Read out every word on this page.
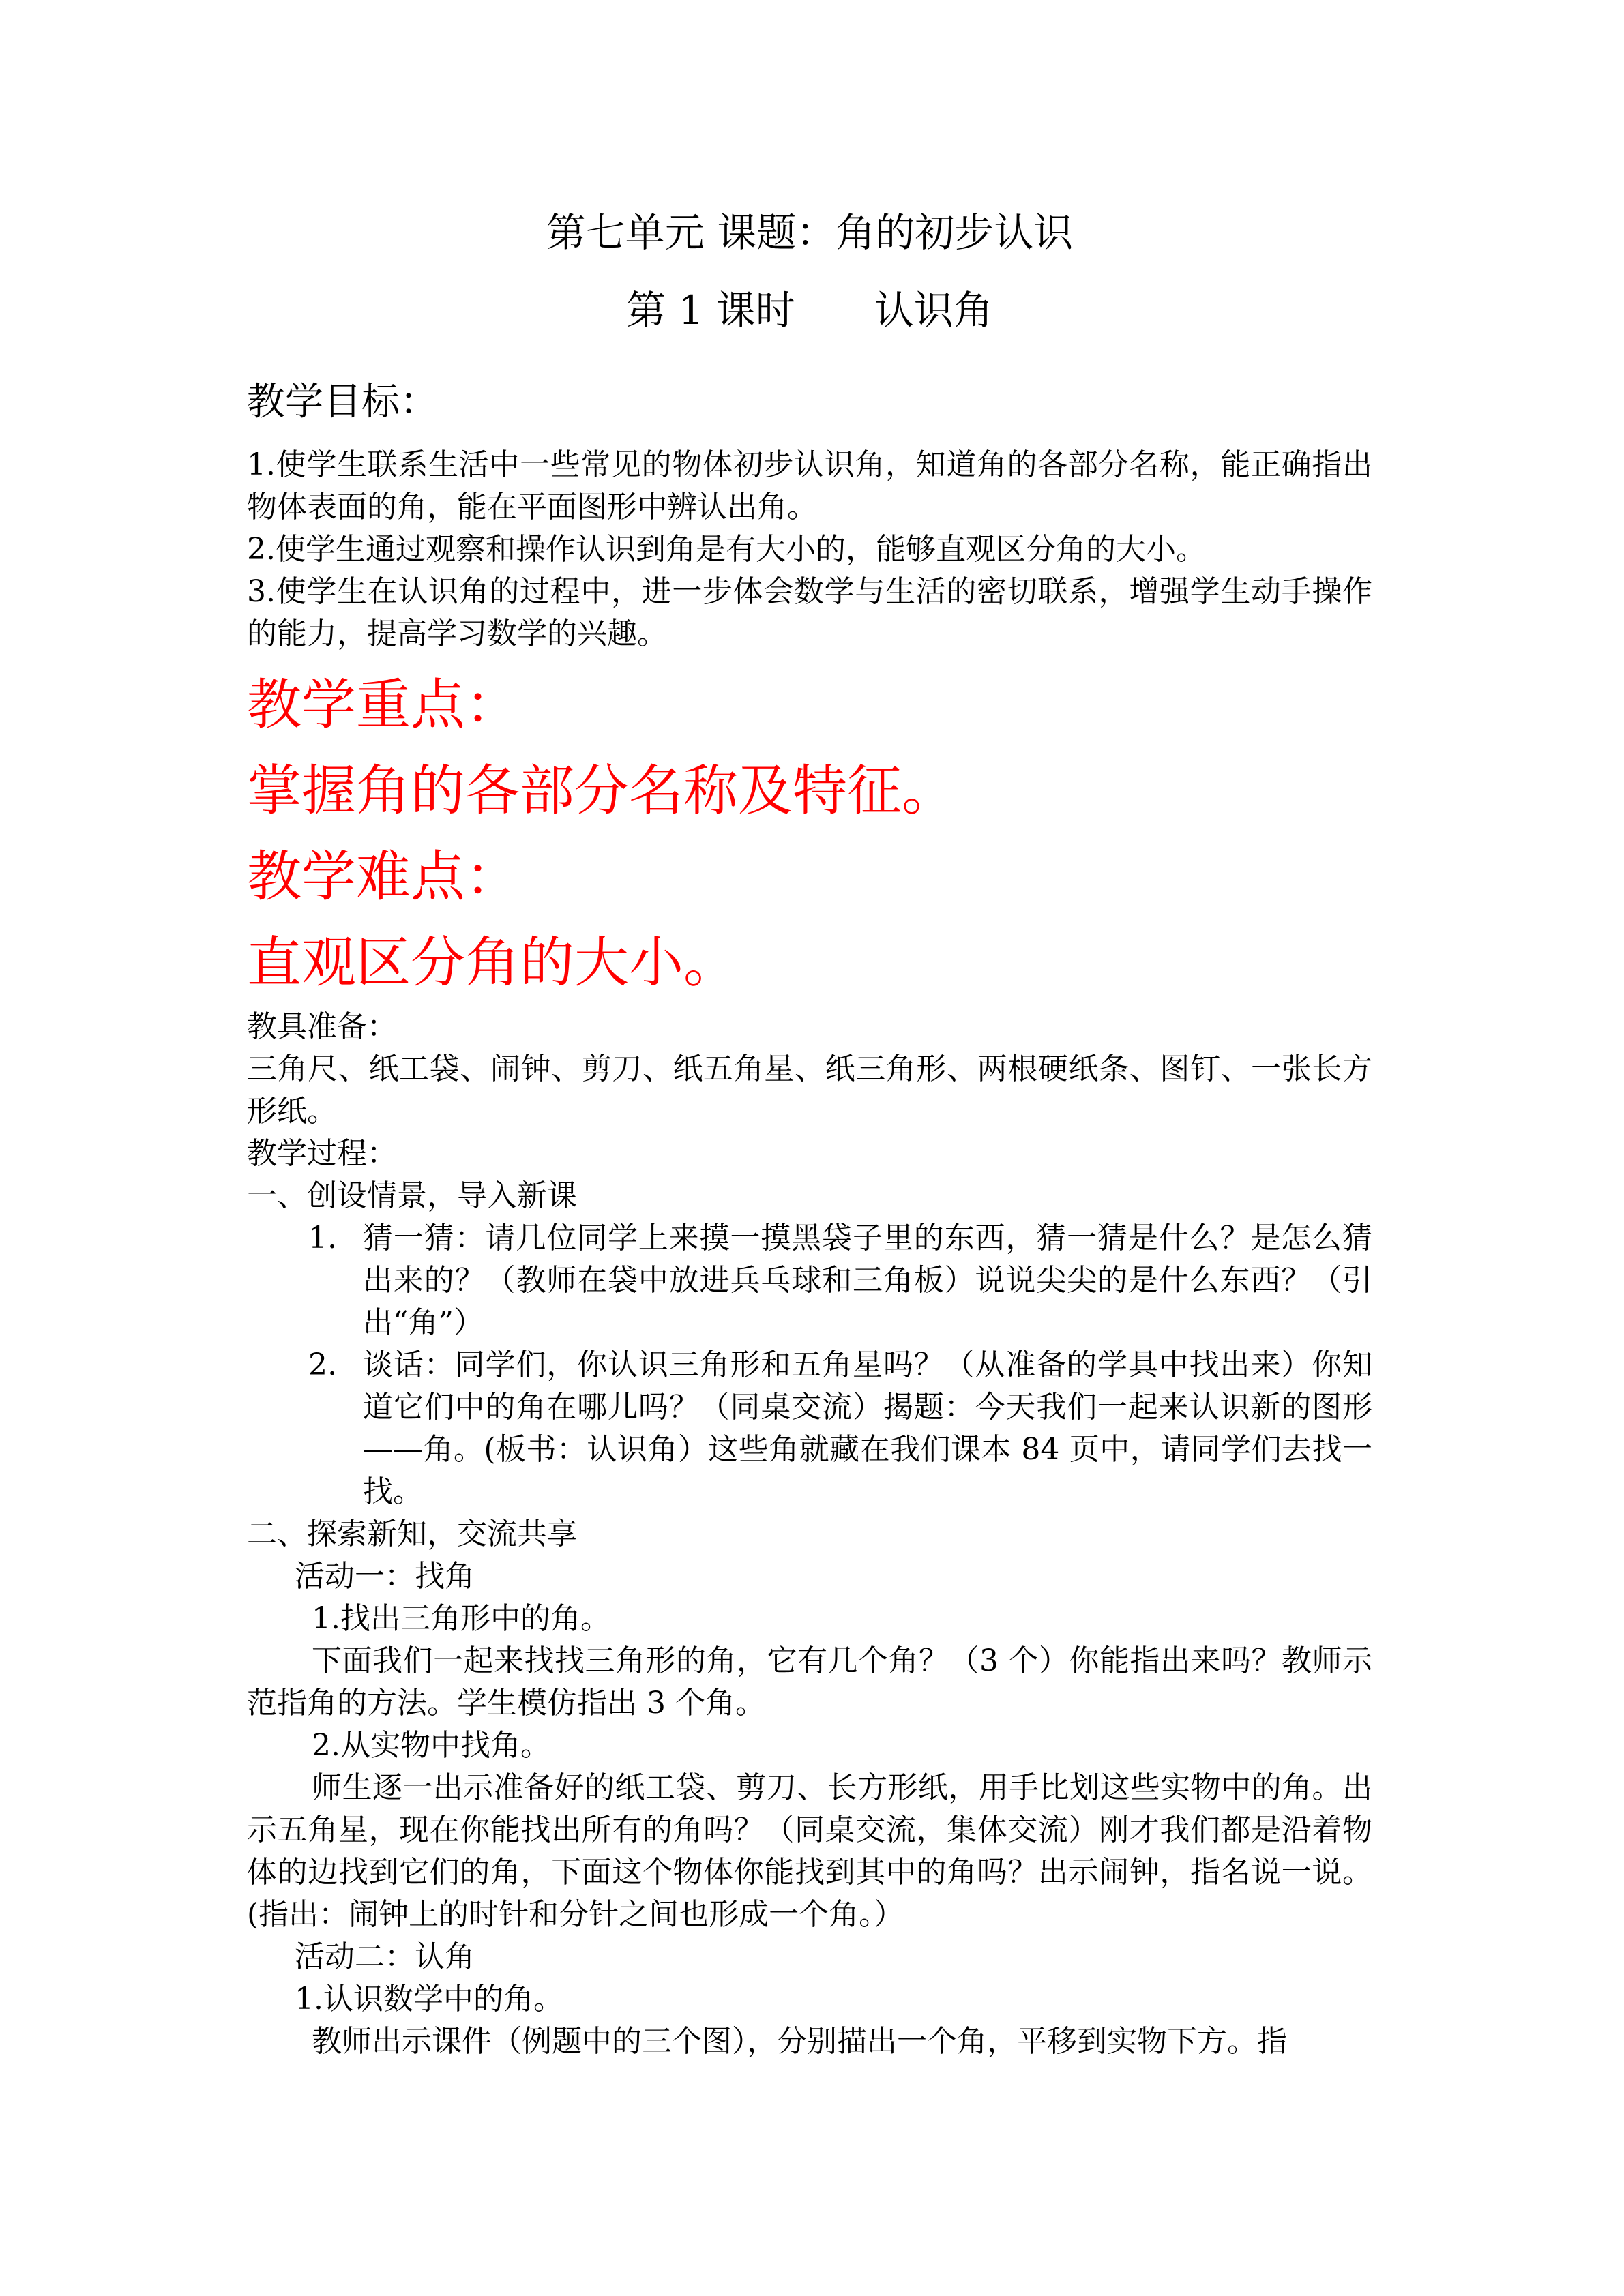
第七单元 课题：角的初步认识

第 1 课时　　认识角

教学目标：

1.使学生联系生活中一些常见的物体初步认识角，知道角的各部分名称，能正确指出物体表面的角，能在平面图形中辨认出角。

2.使学生通过观察和操作认识到角是有大小的，能够直观区分角的大小。

3.使学生在认识角的过程中，进一步体会数学与生活的密切联系，增强学生动手操作的能力，提高学习数学的兴趣。

教学重点：

掌握角的各部分名称及特征。

教学难点：

直观区分角的大小。

教具准备：

三角尺、纸工袋、闹钟、剪刀、纸五角星、纸三角形、两根硬纸条、图钉、一张长方形纸。

教学过程：

一、创设情景，导入新课

1. 猜一猜：请几位同学上来摸一摸黑袋子里的东西，猜一猜是什么？是怎么猜出来的？（教师在袋中放进兵乓球和三角板）说说尖尖的是什么东西？（引出“角”）
2. 谈话：同学们，你认识三角形和五角星吗？（从准备的学具中找出来）你知道它们中的角在哪儿吗？（同桌交流）揭题：今天我们一起来认识新的图形——角。(板书：认识角）这些角就藏在我们课本 84 页中，请同学们去找一找。

二、探索新知，交流共享

活动一：找角

1.找出三角形中的角。

下面我们一起来找找三角形的角，它有几个角？（3 个）你能指出来吗？教师示范指角的方法。学生模仿指出 3 个角。

2.从实物中找角。

师生逐一出示准备好的纸工袋、剪刀、长方形纸，用手比划这些实物中的角。出示五角星，现在你能找出所有的角吗？（同桌交流，集体交流）刚才我们都是沿着物体的边找到它们的角，下面这个物体你能找到其中的角吗？出示闹钟，指名说一说。(指出：闹钟上的时针和分针之间也形成一个角。）

活动二：认角

1.认识数学中的角。

教师出示课件（例题中的三个图），分别描出一个角，平移到实物下方。指
